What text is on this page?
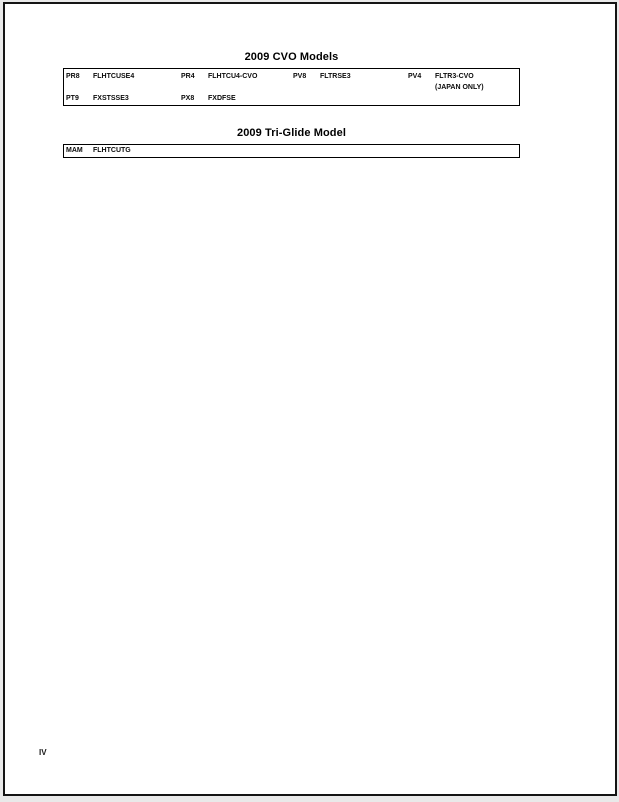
2009 CVO Models
PR8 FLHTCUSE4	PR4 FLHTCU4-CVO	PV8 FLTRSE3	PV4 FLTR3-CVO
(JAPAN ONLY)
PT9 FXSTSSE3	PX8 FXDFSE
2009 Tri-Glide Model
MAM FLHTCUTG
IV
